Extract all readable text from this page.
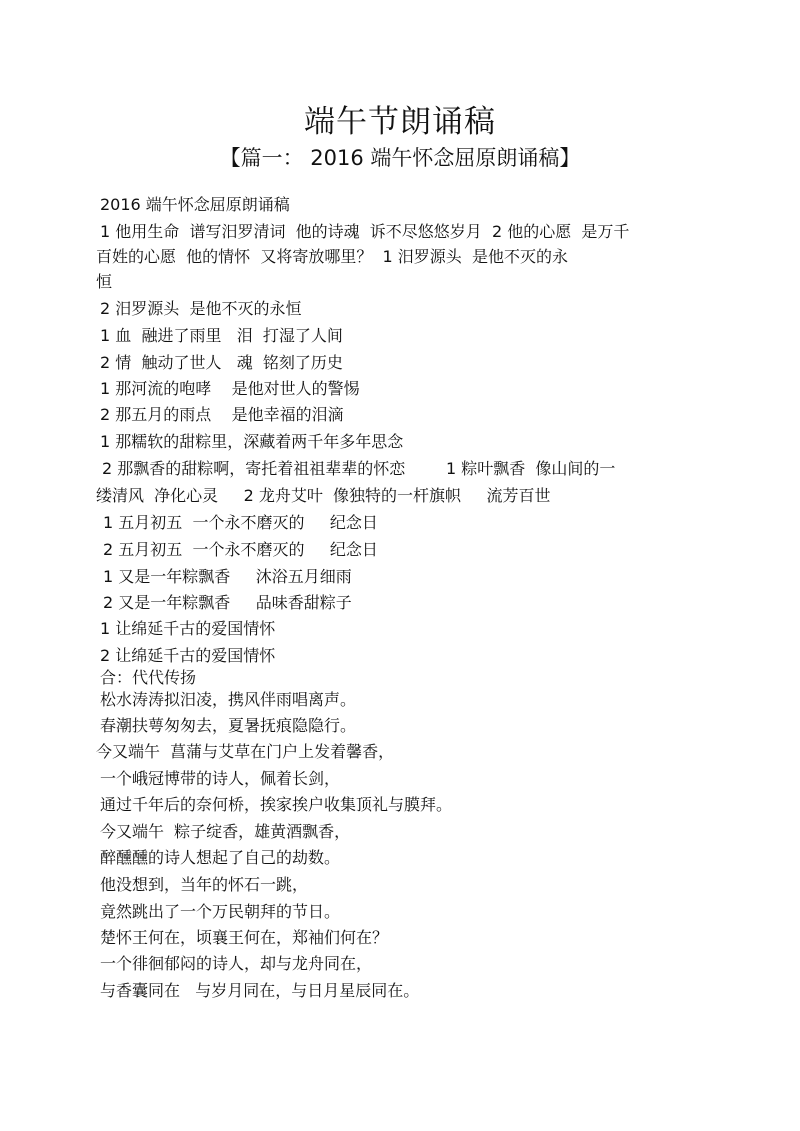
端午节朗诵稿
【篇一： 2016 端午怀念屈原朗诵稿】
2016 端午怀念屈原朗诵稿
1 他用生命  谱写汨罗清词  他的诗魂  诉不尽悠悠岁月  2 他的心愿  是万千
百姓的心愿  他的情怀  又将寄放哪里？  1 汨罗源头  是他不灭的永
恒
2 汨罗源头  是他不灭的永恒
1 血  融进了雨里   泪  打湿了人间
2 情  触动了世人   魂  铭刻了历史
1 那河流的咆哮    是他对世人的警惕
2 那五月的雨点    是他幸福的泪滴
1 那糯软的甜粽里，深藏着两千年多年思念
2 那飘香的甜粽啊，寄托着祖祖辈辈的怀恋        1 粽叶飘香  像山间的一
缕清风  净化心灵     2 龙舟艾叶  像独特的一杆旗帜     流芳百世
1 五月初五  一个永不磨灭的     纪念日
2 五月初五  一个永不磨灭的     纪念日
1 又是一年粽飘香     沐浴五月细雨
2 又是一年粽飘香     品味香甜粽子
1 让绵延千古的爱国情怀
2 让绵延千古的爱国情怀
合：代代传扬
松水涛涛拟汨凌，携风伴雨唱离声。
春潮扶萼匆匆去，夏暑抚痕隐隐行。
今又端午  菖蒲与艾草在门户上发着馨香，
一个峨冠博带的诗人，佩着长剑，
通过千年后的奈何桥，挨家挨户收集顶礼与膜拜。
今又端午  粽子绽香，雄黄酒飘香，
醉醺醺的诗人想起了自己的劫数。
他没想到，当年的怀石一跳，
竟然跳出了一个万民朝拜的节日。
楚怀王何在，顷襄王何在，郑袖们何在？
一个徘徊郁闷的诗人，却与龙舟同在，
与香囊同在   与岁月同在，与日月星辰同在。
